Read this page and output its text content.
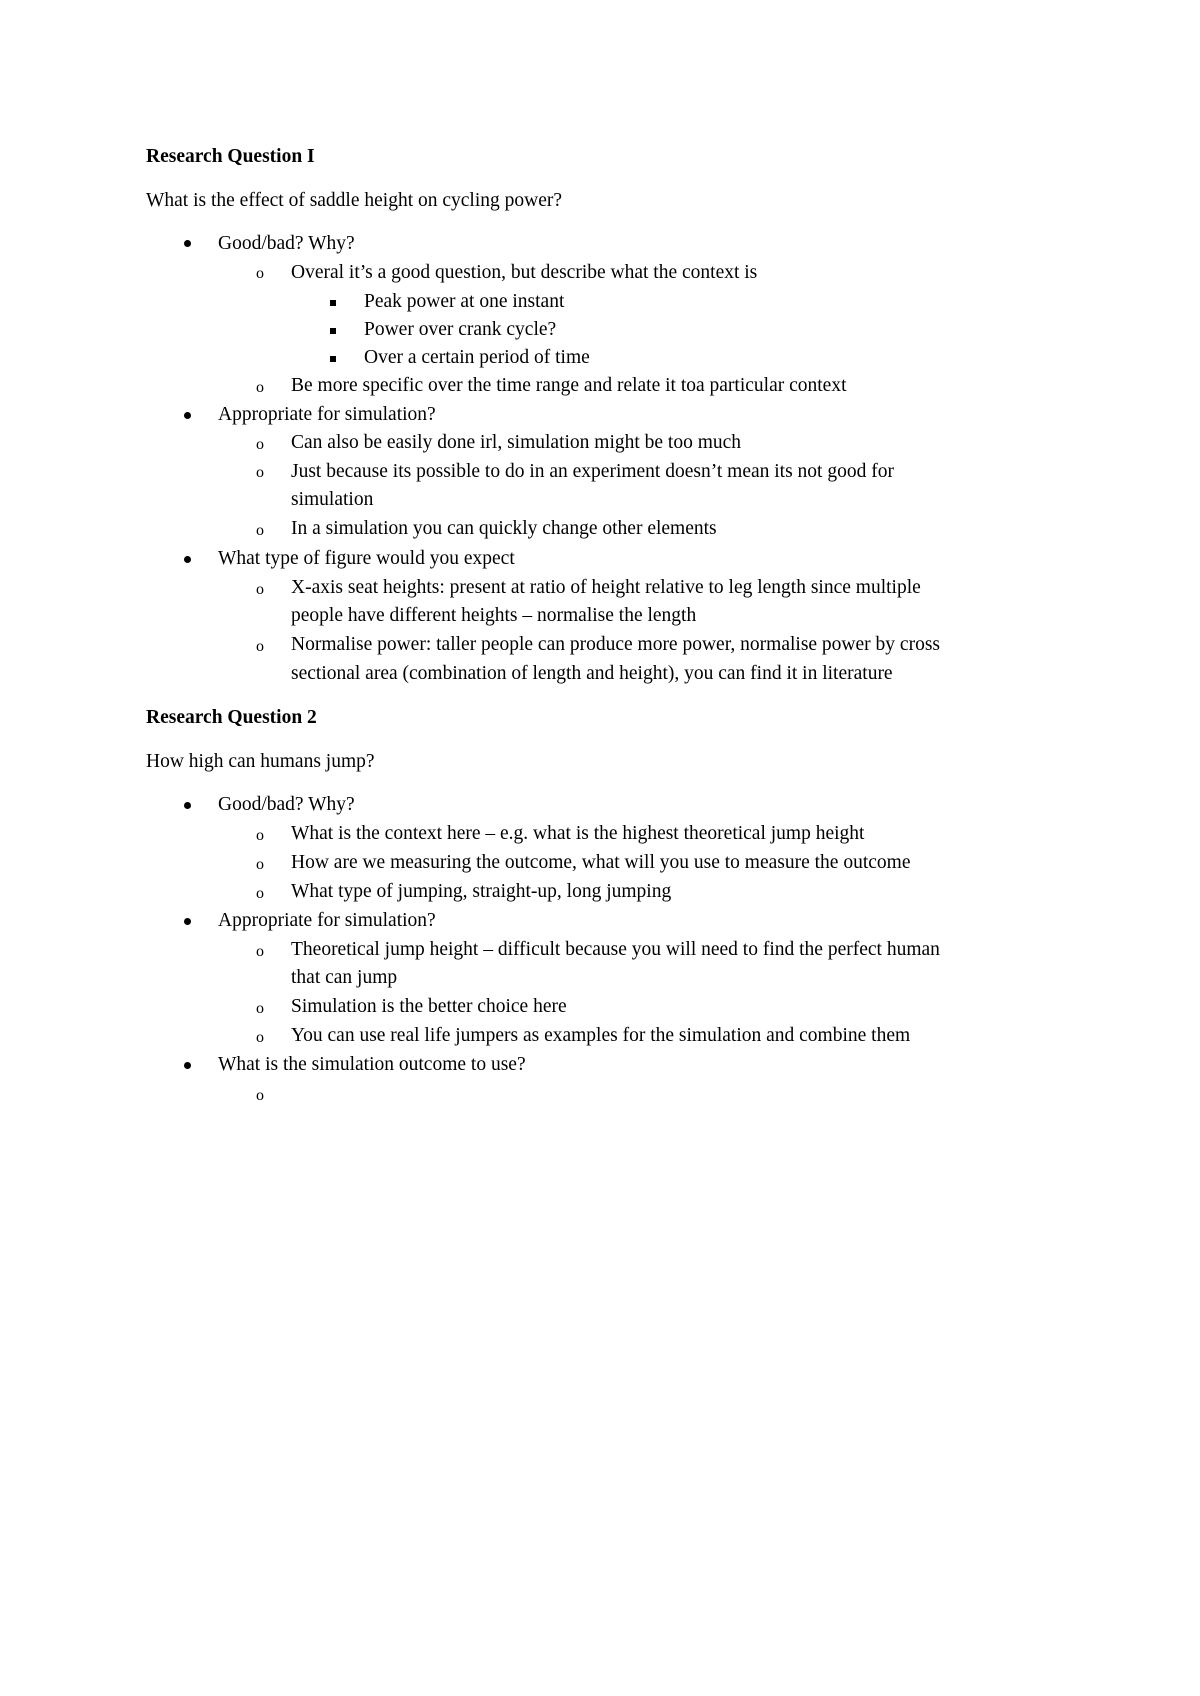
Research Question I
What is the effect of saddle height on cycling power?
Good/bad? Why?
o Overal it’s a good question, but describe what the context is
Peak power at one instant
Power over crank cycle?
Over a certain period of time
o Be more specific over the time range and relate it toa particular context
Appropriate for simulation?
o Can also be easily done irl, simulation might be too much
o Just because its possible to do in an experiment doesn’t mean its not good for
simulation
o In a simulation you can quickly change other elements
What type of figure would you expect
o X-axis seat heights: present at ratio of height relative to leg length since multiple
people have different heights – normalise the length
o Normalise power: taller people can produce more power, normalise power by cross
sectional area (combination of length and height), you can find it in literature
Research Question 2
How high can humans jump?
Good/bad? Why?
o What is the context here – e.g. what is the highest theoretical jump height
o How are we measuring the outcome, what will you use to measure the outcome
o What type of jumping, straight-up, long jumping
Appropriate for simulation?
o Theoretical jump height – difficult because you will need to find the perfect human
that can jump
o Simulation is the better choice here
o You can use real life jumpers as examples for the simulation and combine them
What is the simulation outcome to use?
o
